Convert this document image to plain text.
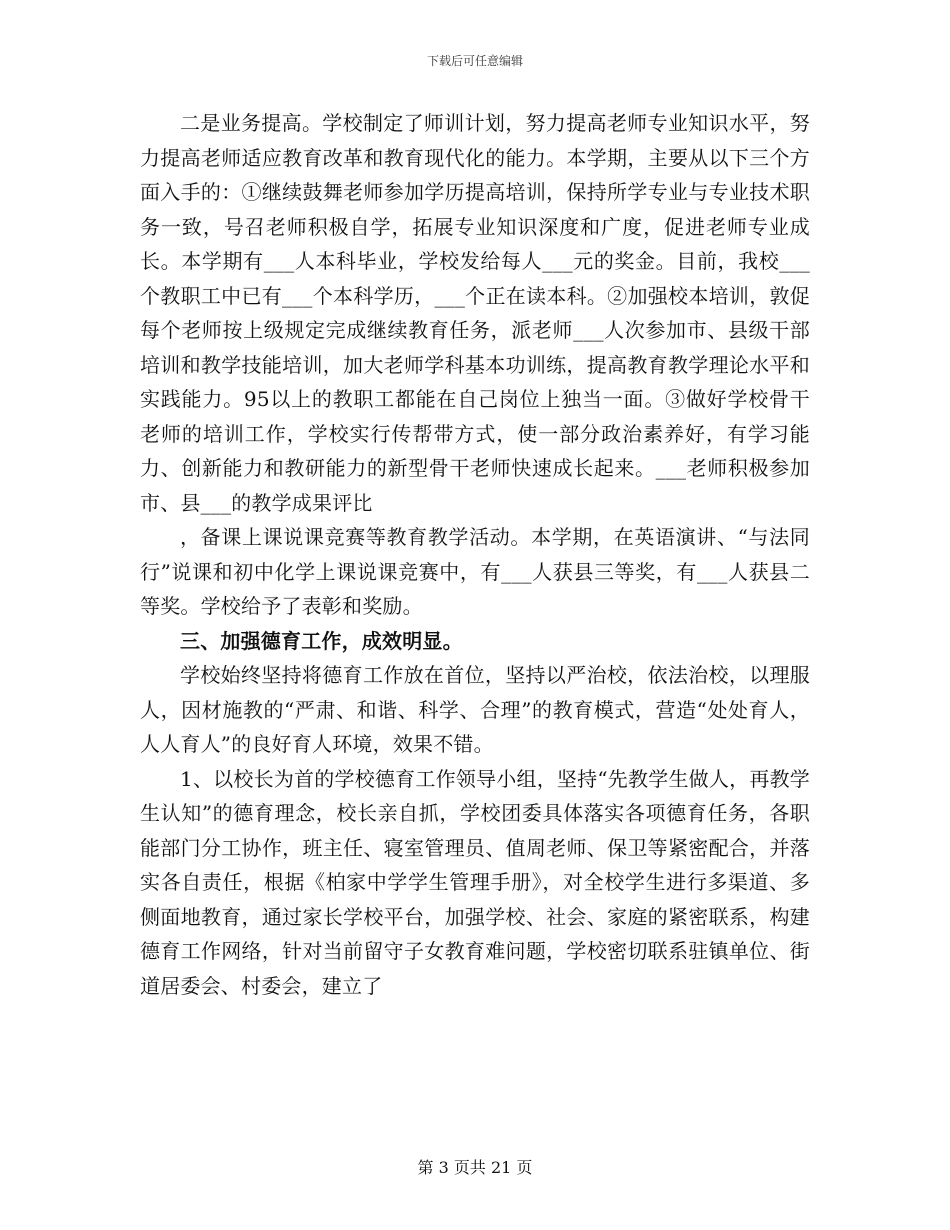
下载后可任意编辑

二是业务提高。学校制定了师训计划，努力提高老师专业知识水平，努力提高老师适应教育改革和教育现代化的能力。本学期，主要从以下三个方面入手的：①继续鼓舞老师参加学历提高培训，保持所学专业与专业技术职务一致，号召老师积极自学，拓展专业知识深度和广度，促进老师专业成长。本学期有___人本科毕业，学校发给每人___元的奖金。目前，我校___个教职工中已有___个本科学历，___个正在读本科。②加强校本培训，敦促每个老师按上级规定完成继续教育任务，派老师___人次参加市、县级干部培训和教学技能培训，加大老师学科基本功训练，提高教育教学理论水平和实践能力。95以上的教职工都能在自己岗位上独当一面。③做好学校骨干老师的培训工作，学校实行传帮带方式，使一部分政治素养好，有学习能力、创新能力和教研能力的新型骨干老师快速成长起来。___老师积极参加市、县___的教学成果评比

，备课上课说课竞赛等教育教学活动。本学期，在英语演讲、“与法同行”说课和初中化学上课说课竞赛中，有___人获县三等奖，有___人获县二等奖。学校给予了表彰和奖励。

三、加强德育工作，成效明显。

学校始终坚持将德育工作放在首位，坚持以严治校，依法治校，以理服人，因材施教的“严肃、和谐、科学、合理”的教育模式，营造“处处育人，人人育人”的良好育人环境，效果不错。

1、以校长为首的学校德育工作领导小组，坚持“先教学生做人，再教学生认知”的德育理念，校长亲自抓，学校团委具体落实各项德育任务，各职能部门分工协作，班主任、寝室管理员、值周老师、保卫等紧密配合，并落实各自责任，根据《柏家中学学生管理手册》，对全校学生进行多渠道、多侧面地教育，通过家长学校平台，加强学校、社会、家庭的紧密联系，构建德育工作网络，针对当前留守子女教育难问题，学校密切联系驻镇单位、街道居委会、村委会，建立了

第 3 页共 21 页
